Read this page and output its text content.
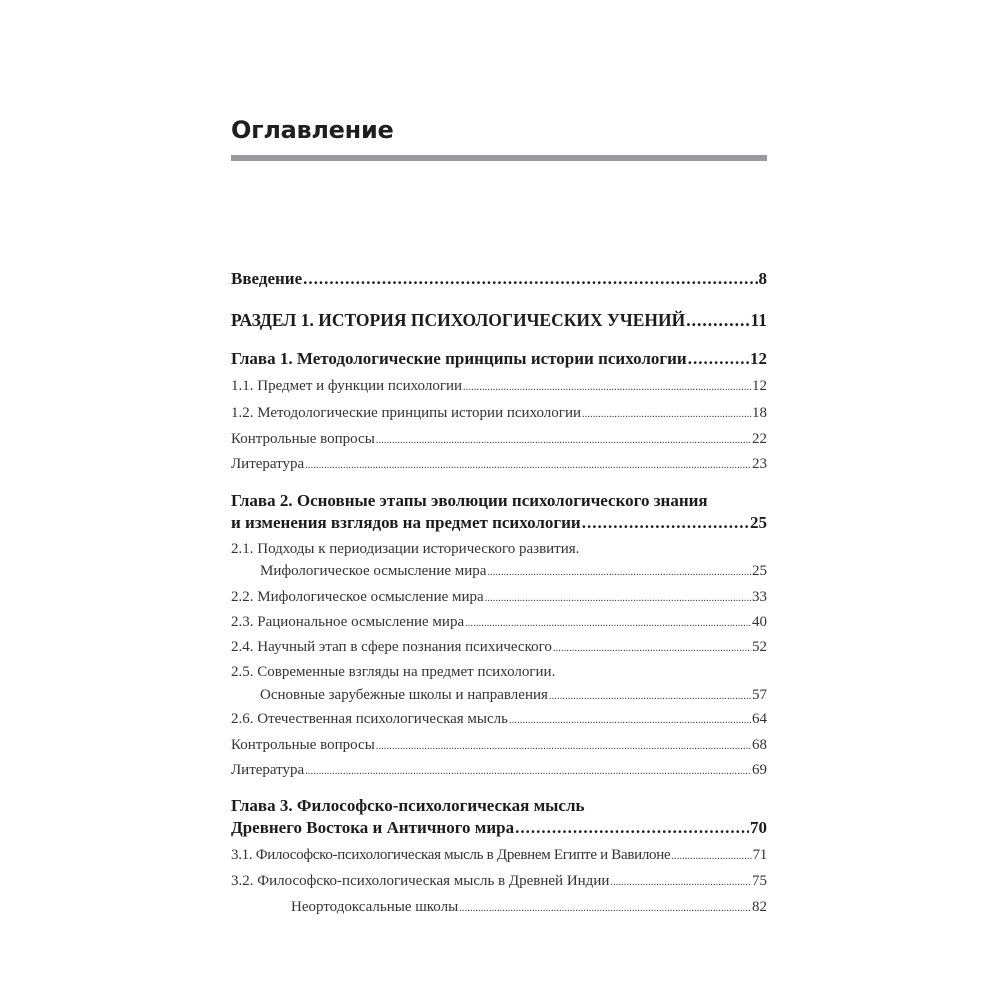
Оглавление
Введение .....	8
РАЗДЕЛ 1. ИСТОРИЯ ПСИХОЛОГИЧЕСКИХ УЧЕНИЙ .....	11
Глава 1. Методологические принципы истории психологии .....	12
1.1. Предмет и функции психологии .....	12
1.2. Методологические принципы истории психологии .....	18
Контрольные вопросы .....	22
Литература .....	23
Глава 2. Основные этапы эволюции психологического знания
и изменения взглядов на предмет психологии .....	25
2.1. Подходы к периодизации исторического развития.
Мифологическое осмысление мира .....	25
2.2. Мифологическое осмысление мира .....	33
2.3. Рациональное осмысление мира .....	40
2.4. Научный этап в сфере познания психического .....	52
2.5. Современные взгляды на предмет психологии.
Основные зарубежные школы и направления .....	57
2.6. Отечественная психологическая мысль .....	64
Контрольные вопросы .....	68
Литература .....	69
Глава 3. Философско-психологическая мысль
Древнего Востока и Античного мира .....	70
3.1. Философско-психологическая мысль в Древнем Египте и Вавилоне .....	71
3.2. Философско-психологическая мысль в Древней Индии .....	75
Неортодоксальные школы .....	82
